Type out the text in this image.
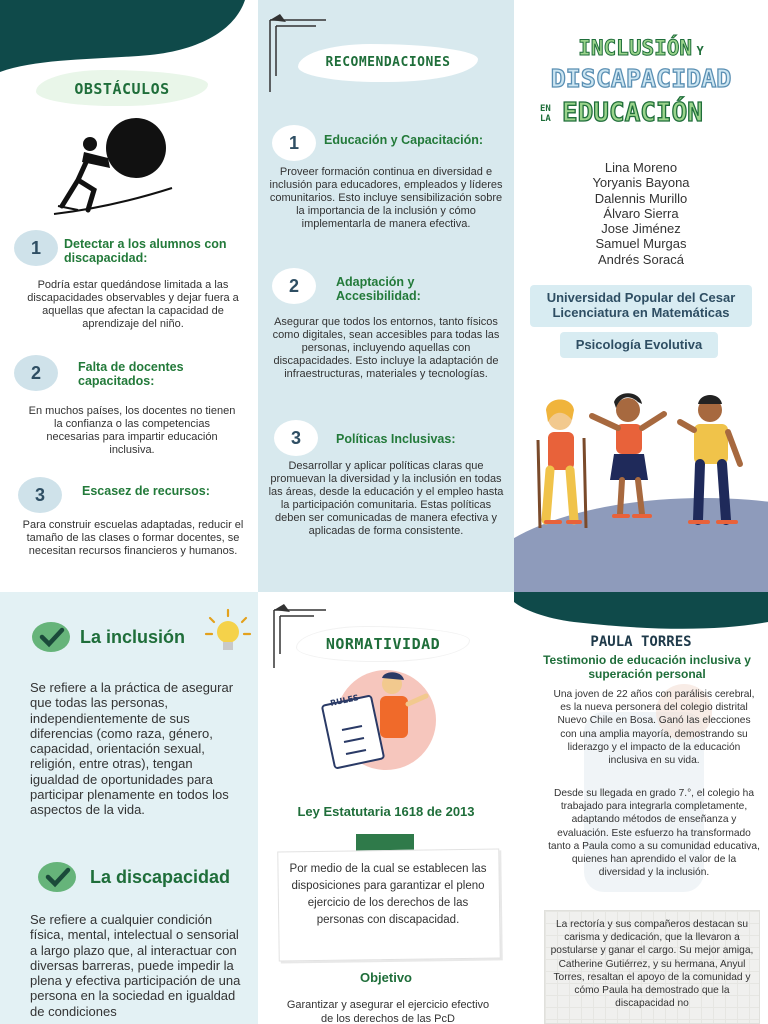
OBSTÁCULOS
1	Detectar a los alumnos con discapacidad:
Podría estar quedándose limitada a las discapacidades observables y dejar fuera a aquellas que afectan la capacidad de aprendizaje del niño.
2	Falta de docentes capacitados:
En muchos países, los docentes no tienen la confianza o las competencias necesarias para impartir educación inclusiva.
3	Escasez de recursos:
Para construir escuelas adaptadas, reducir el tamaño de las clases o formar docentes, se necesitan recursos financieros y humanos.
RECOMENDACIONES
1	Educación y Capacitación:
Proveer formación continua en diversidad e inclusión para educadores, empleados y líderes comunitarios. Esto incluye sensibilización sobre la importancia de la inclusión y cómo implementarla de manera efectiva.
2	Adaptación y Accesibilidad:
Asegurar que todos los entornos, tanto físicos como digitales, sean accesibles para todas las personas, incluyendo aquellas con discapacidades. Esto incluye la adaptación de infraestructuras, materiales y tecnologías.
3	Políticas Inclusivas:
Desarrollar y aplicar políticas claras que promuevan la diversidad y la inclusión en todas las áreas, desde la educación y el empleo hasta la participación comunitaria. Estas políticas deben ser comunicadas de manera efectiva y aplicadas de forma consistente.
INCLUSIÓN Y
DISCAPACIDAD
EN
LA EDUCACIÓN
Lina Moreno
Yoryanis Bayona
Dalennis Murillo
Álvaro Sierra
Jose Jiménez
Samuel Murgas
Andrés Soracá
Universidad Popular del Cesar
Licenciatura en Matemáticas
Psicología Evolutiva
La inclusión
Se refiere a la práctica de asegurar que todas las personas, independientemente de sus diferencias (como raza, género, capacidad, orientación sexual, religión, entre otras), tengan igualdad de oportunidades para participar plenamente en todos los aspectos de la vida.
La discapacidad
Se refiere a cualquier condición física, mental, intelectual o sensorial a largo plazo que, al interactuar con diversas barreras, puede impedir la plena y efectiva participación de una persona en la sociedad en igualdad de condiciones
NORMATIVIDAD
RULES
Ley Estatutaria 1618 de 2013
Por medio de la cual se establecen las disposiciones para garantizar el pleno ejercicio de los derechos de las personas con discapacidad.
Objetivo
Garantizar y asegurar el ejercicio efectivo de los derechos de las PcD
PAULA TORRES
Testimonio de educación inclusiva y superación personal
Una joven de 22 años con parálisis cerebral, es la nueva personera del colegio distrital Nuevo Chile en Bosa. Ganó las elecciones con una amplia mayoría, demostrando su liderazgo y el impacto de la educación inclusiva en su vida.
Desde su llegada en grado 7.°, el colegio ha trabajado para integrarla completamente, adaptando métodos de enseñanza y evaluación. Este esfuerzo ha transformado tanto a Paula como a su comunidad educativa, quienes han aprendido el valor de la diversidad y la inclusión.
La rectoría y sus compañeros destacan su carisma y dedicación, que la llevaron a postularse y ganar el cargo. Su mejor amiga, Catherine Gutiérrez, y su hermana, Anyul Torres, resaltan el apoyo de la comunidad y cómo Paula ha demostrado que la discapacidad no
